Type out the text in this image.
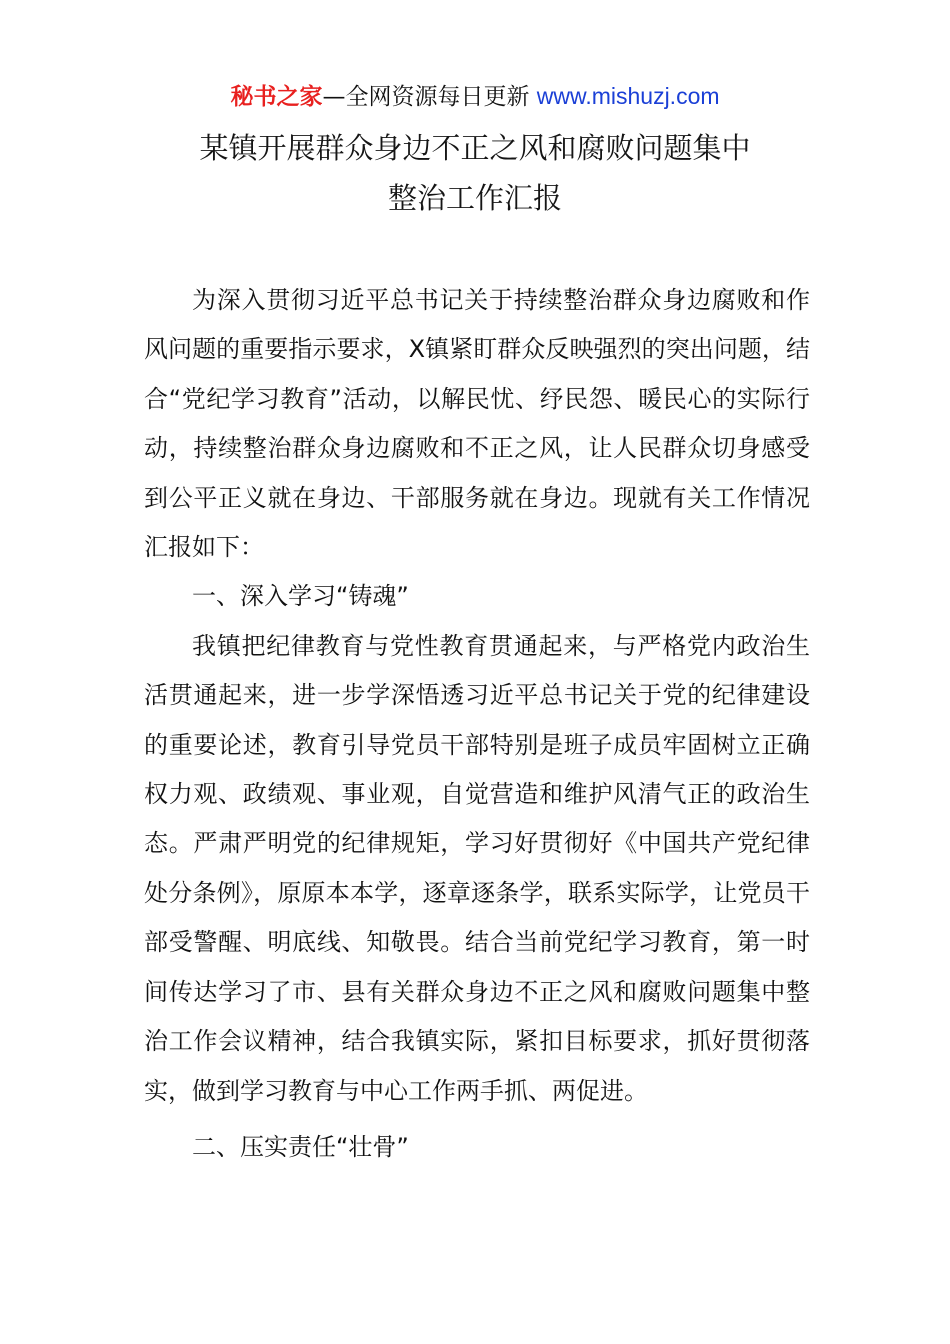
秘书之家—全网资源每日更新 www.mishuzj.com
某镇开展群众身边不正之风和腐败问题集中
整治工作汇报

为深入贯彻习近平总书记关于持续整治群众身边腐败和作风问题的重要指示要求，X镇紧盯群众反映强烈的突出问题，结合“党纪学习教育”活动，以解民忧、纾民怨、暖民心的实际行动，持续整治群众身边腐败和不正之风，让人民群众切身感受到公平正义就在身边、干部服务就在身边。现就有关工作情况汇报如下：

一、深入学习“铸魂”

我镇把纪律教育与党性教育贯通起来，与严格党内政治生活贯通起来，进一步学深悟透习近平总书记关于党的纪律建设的重要论述，教育引导党员干部特别是班子成员牢固树立正确权力观、政绩观、事业观，自觉营造和维护风清气正的政治生态。严肃严明党的纪律规矩，学习好贯彻好《中国共产党纪律处分条例》，原原本本学，逐章逐条学，联系实际学，让党员干部受警醒、明底线、知敬畏。结合当前党纪学习教育，第一时间传达学习了市、县有关群众身边不正之风和腐败问题集中整治工作会议精神，结合我镇实际，紧扣目标要求，抓好贯彻落实，做到学习教育与中心工作两手抓、两促进。

二、压实责任“壮骨”
